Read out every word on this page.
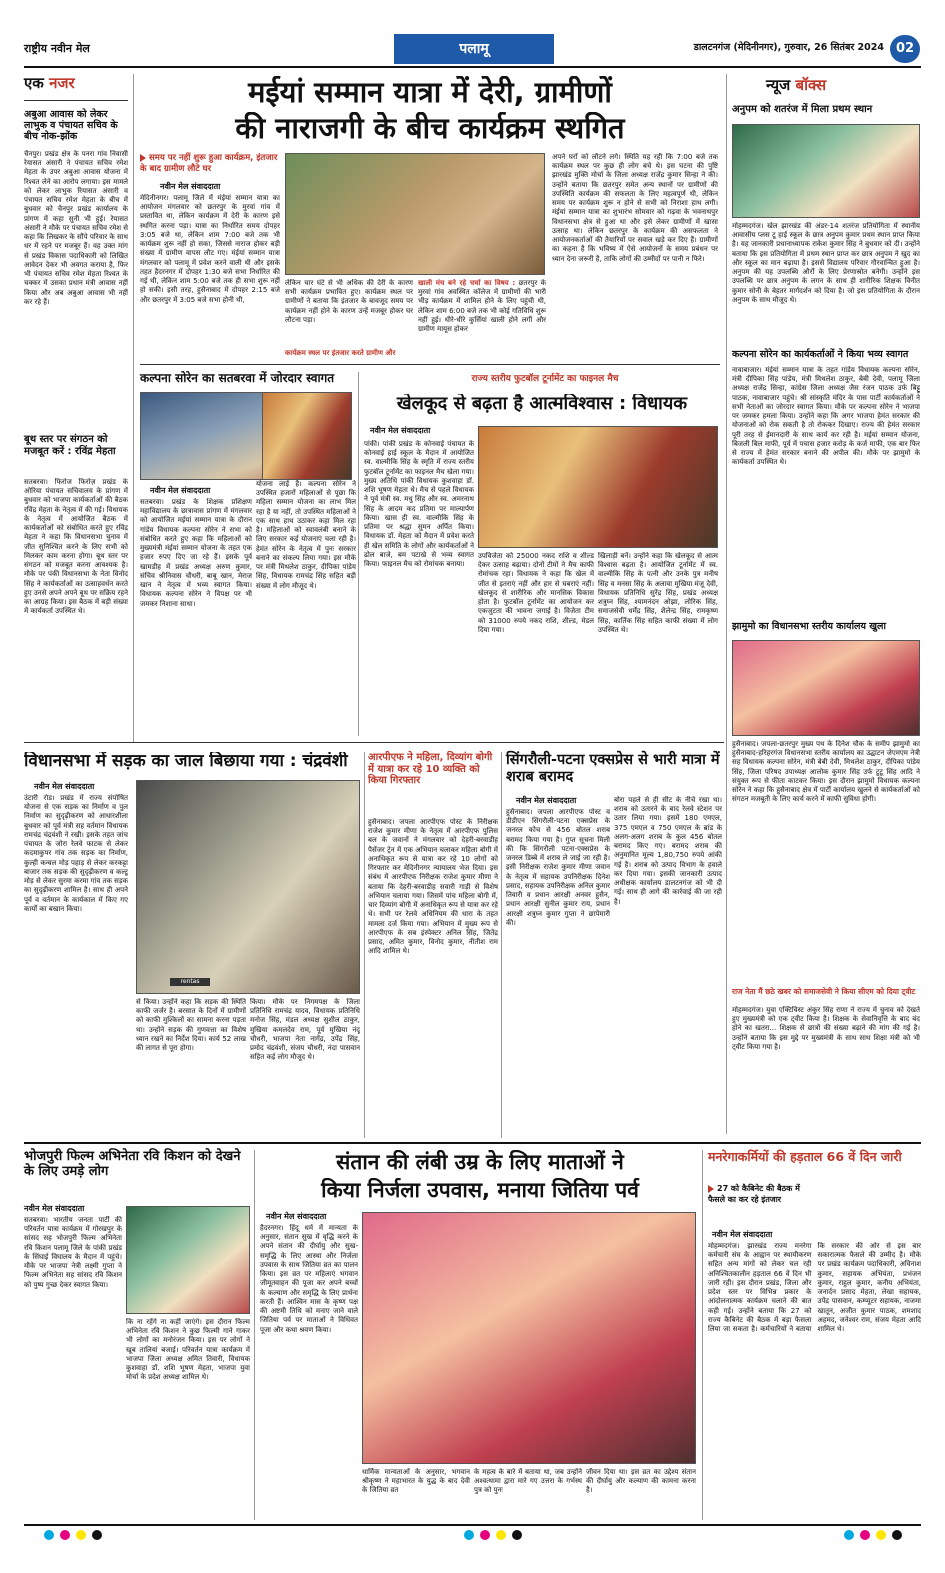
राष्ट्रीय नवीन मेल	पलामू	डालटनगंज (मेदिनीनगर), गुरुवार, 26 सितंबर 2024 02
एक नजर
अबुआ आवास को लेकर लाभुक व पंचायत सचिव के बीच नोक-झोंक
चैनपुर। प्रखंड क्षेत्र के पनरा गांव निवासी रेयासत अंसारी ने पंचायत सचिव रमेश मेहता के उपर अबुआ आवास योजना में रिश्वत लेने का आरोप लगाया। इस मामले को लेकर लाभुक रियासत अंसारी व पंचायत सचिव रमेश मेहता के बीच में बुधवार को चैनपुर प्रखंड कार्यालय के प्रांगण में कहा सुनी भी हुई। रेयासत अंसारी ने मौके पर पंचायत सचिव रमेश से कहा कि लिखकर के सौंपे परिवार के साथ धर में रहने पर मजबूर हैं। वह उक्त मांग से प्रखंड विकास पदाधिकारी को लिखित आवेदन देकर भी अवगत कराया है, फिर भी पंचायत सचिव रमेश मेहता रिश्वत के चक्कर में उसका प्रधान मंत्री आवास नहीं किया और अब अबुआ आवास भी नहीं कर रहे हैं।
बूथ स्तर पर संगठन को मजबूत करें : रविंद्र मेहता
सतबरवा। फिरोज फिरोज़ प्रखंड के ओरिया पंचायत सचिवालय के प्रांगण में बुधवार को भाजपा कार्यकर्ताओं की बैठक रविंद्र मेहता के नेतृत्व में की गई। विधायक के नेतृत्व में आयोजित बैठक में कार्यकर्ताओं को संबोधित करते हुए रविंद्र मेहता ने कहा कि विधानसभा चुनाव में जीत सुनिश्चित करने के लिए सभी को मिलकर काम करना होगा। बूथ स्तर पर संगठन को मजबूत करना आवश्यक है। मौके पर पंकी विधानसभा के नेता विनोद सिंह ने कार्यकर्ताओं का उत्साहवर्धन करते हुए उनसे अपने अपने बूथ पर सक्रिय रहने का आग्रह किया। इस बैठक में बड़ी संख्या में कार्यकर्ता उपस्थित थे।
मईयां सम्मान यात्रा में देरी, ग्रामीणों
की नाराजगी के बीच कार्यक्रम स्थगित
समय पर नहीं शुरू हुआ कार्यक्रम, इंतजार के बाद ग्रामीण लौटे घर
नवीन मेल संवाददाता
मेदिनीनगर। पलामू जिले में मंईयां सम्मान यात्रा का आयोजन मंगलवार को छतरपुर के मुरवां गांव में प्रस्तावित था, लेकिन कार्यक्रम में देरी के कारण इसे स्थगित करना पड़ा। यात्रा का निर्धारित समय दोपहर 3:05 बजे था, लेकिन शाम 7:00 बजे तक भी कार्यक्रम शुरू नहीं हो सका, जिससे नाराज होकर बड़ी संख्या में ग्रामीण वापस लौट गए। मंईयां सम्मान यात्रा मंगलवार को पलामू में प्रवेश करने वाली थी और इसके तहत हैदरनगर में दोपहर 1:30 बजे सभा निर्धारित की गई थी, लेकिन शाम 5:00 बजे तक ही सभा शुरू नहीं हो सकी। इसी तरह, हुसैनाबाद में दोपहर 2:15 बजे और छतरपुर में 3:05 बजे सभा होनी थी,
लेकिन चार घंटे से भी अधिक की देरी के कारण सभी कार्यक्रम प्रभावित हुए। कार्यक्रम स्थल पर ग्रामीणों ने बताया कि इंतजार के बावजूद समय पर कार्यक्रम नहीं होने के कारण उन्हें मजबूर होकर घर लौटना पड़ा।
खाली मंच बने रहे चर्चा का विषय : छतरपुर के मुरवां गांव अवस्थित कॉलेज में ग्रामीणों की भारी भीड़ कार्यक्रम में शामिल होने के लिए पहुंची थी, लेकिन शाम 6:00 बजे तक भी कोई गतिविधि शुरू नहीं हुई। धीरे-धीरे कुर्सियां खाली होने लगीं और ग्रामीण मायूस होकर
कार्यक्रम स्थल पर इंतजार करते ग्रामीण और
अपने घरों को लौटने लगे। स्थिति यह रही कि 7:00 बजे तक कार्यक्रम स्थल पर कुछ ही लोग बचे थे। इस घटना की पुष्टि झारखंड मुक्ति मोर्चा के जिला अध्यक्ष राजेंद्र कुमार सिन्हा ने की। उन्होंने बताया कि छतरपुर समेत अन्य स्थानों पर ग्रामीणों की उपस्थिति कार्यक्रम की सफलता के लिए महत्वपूर्ण थी, लेकिन समय पर कार्यक्रम शुरू न होने से सभी को निराशा हाथ लगी। मंईयां सम्मान यात्रा का शुभारंभ सोमवार को गढ़वा के भवनाथपुर विधानसभा क्षेत्र से हुआ था और इसे लेकर ग्रामीणों में खासा उत्साह था। लेकिन छतरपुर के कार्यक्रम की असफलता ने आयोजनकर्ताओं की तैयारियों पर सवाल खड़े कर दिए हैं। ग्रामीणों का कहना है कि भविष्य में ऐसे आयोजनों के समय प्रबंधन पर ध्यान देना जरूरी है, ताकि लोगों की उम्मीदों पर पानी न फिरे।
न्यूज बॉक्स
अनुपम को शतरंज में मिला प्रथम स्थान
मोहम्मदगंज। खेल झारखंड की अंडर-14 शतरंज प्रतियोगिता में स्थानीय आवासीय प्लस टू हाई स्कूल के छात्र अनुपम कुमार प्रथम स्थान प्राप्त किया है। यह जानकारी प्रधानाध्यापक राकेश कुमार सिंह ने बुधवार को दी। उन्होंने बताया कि इस प्रतियोगिता में प्रथम स्थान प्राप्त कर छात्र अनुपम ने खुद का और स्कूल का मान बढ़ाया है। इससे विद्यालय परिवार गौरवान्वित हुआ है। अनुपम की यह उपलब्धि और्रों के लिए प्रेरणास्रोत बनेगी। उन्होंने इस उपलब्धि पर छात्र अनुपम के लगन के साथ ही शारीरिक शिक्षक विनीत कुमार सोनी के बेहतर मार्गदर्शन को दिया है। जो इस प्रतियोगिता के दौरान अनुपम के साथ मौजूद थे।
कल्पना सोरेन का कार्यकर्ताओं ने किया भव्य स्वागत
नावाबाजार। मंईयां सम्मान यात्रा के तहत गांडेय विधायक कल्पना सोरेन, मंत्री दीपिका सिंह पांडेय, मंत्री मिथलेश ठाकुर, बेबी देवी, पलामू जिला अध्यक्ष राजेंद्र सिन्हा, कांग्रेस जिला अध्यक्ष जैस रंजन पाठक उर्फ बिट्टू पाठक, नावाबाजार पहुंचे। श्री सांस्कृति मंदिर के पास पार्टी कार्यकर्ताओं ने सभी नेताओं का जोरदार स्वागत किया। मौके पर कल्पना सोरेन ने भाजपा पर जमकर हमला किया। उन्होंने कहा कि अगर भाजपा हेमंत सरकार की योजनाओं को रोक सकती है तो रोककर दिखाए। राज्य की हेमंत सरकार पूरी तरह से ईमानदारी के साथ कार्य कर रही है। मईयां सम्मान योजना, बिजली बिल माफी, पूर्व में पचास हजार करोड़ के कर्ज माफी, एक बार फिर से राज्य में हेमंत सरकार बनाने की अपील की। मौके पर झामुमो के कार्यकर्ता उपस्थित थे।
झामुमो का विधानसभा स्तरीय कार्यालय खुला
हुसैनाबाद। जपला-छतरपुर मुख्य पथ के दिनेश चौक के समीप झामुमो का हुसैनाबाद-हरिहरगंज विधानसभा स्तरीय कार्यालय का उद्घाटन जेएमएम नेत्री सह विधायक कल्पना सोरेन, मंत्री बेबी देवी, मिथलेश ठाकुर, दीपिका पांडेय सिंह, जिला परिषद उपाध्यक्ष आलोक कुमार सिंह उर्फ टुटू सिंह आदि ने संयुक्त रूप से फीता काटकर किया। इस दौरान झामुमो विधायक कल्पना सोरेन ने कहा कि हुसैनाबाद क्षेत्र में पार्टी कार्यालय खुलने से कार्यकर्ताओं को संगठन मजबूती के लिए कार्य करने में काफी सुविधा होगी।
राज नेता मैं छठे खबर को समाजसेवी ने किया सीएम को दिया ट्वीट
मोहम्मदगंज। युवा एक्टिविस्ट अंकुर सिंह राणा ने राज्य में चुनाव को देखते हुए मुख्यमंत्री को एक ट्वीट किया है। शिक्षक के सेवानिवृत्ति के बाद बंद होने का खतरा... शिक्षक से छात्रों की संख्या बढ़ाने की मांग की गई है। उन्होंने बताया कि इस मुद्दे पर मुख्यमंत्री के साथ साथ शिक्षा मंत्री को भी ट्वीट किया गया है।
कल्पना सोरेन का सतबरवा में जोरदार स्वागत
नवीन मेल संवाददाता
सतबरवा। प्रखंड के शिक्षक प्रशिक्षण महाविद्यालय के छात्रावास प्रांगण में मंगलवार को आयोजित मईयां सम्मान यात्रा के दौरान गांडेय विधायक कल्पना सोरेन ने सभा को संबोधित करते हुए कहा कि महिलाओं को मुख्यमंत्री मंईयां सम्मान योजना के तहत एक हजार रुपए दिए जा रहे हैं। इसके पूर्व खामडीह में प्रखंड अध्यक्ष अरुण कुमार, संचिव श्रीनिवास चौधरी, बाबू खान, मेराज खान ने नेतृत्व में भव्य स्वागत किया। विधायक कल्पना सोरेन ने विपक्ष पर भी जमकर निशाना साधा।
योजना लाई है। कल्पना सोरेन ने उपस्थित हजारों महिलाओं से पूछा कि महिला सम्मान योजना का लाभ मिल रहा है या नहीं, तो उपस्थित महिलाओं ने एक साथ हाथ उठाकर कहा मिल रहा है। महिलाओं को स्वावलंबी बनाने के लिए सरकार कई योजनाएं चला रही है। हेमंत सोरेन के नेतृत्व में पुनः सरकार बनाने का संकल्प लिया गया। इस मौके पर मंत्री मिथलेश ठाकुर, दीपिका पांडेय सिंह, विधायक रामचंद्र सिंह सहित बड़ी संख्या में लोग मौजूद थे।
राज्य स्तरीय फुटबॉल टूर्नामेंट का फाइनल मैच
खेलकूद से बढ़ता है आत्मविश्वास : विधायक
नवीन मेल संवाददाता
पांकी। पांकी प्रखंड के कोनवाई पंचायत के कोनवाई हाई स्कूल के मैदान में आयोजित स्व. वाल्मीकि सिंह के स्मृति में राज्य स्तरीय फुटबॉल टूर्नामेंट का फाइनल मैच खेला गया। मुख्य अतिथि पांकी विधायक कुशवाहा डॉ. शशि भूषण मेहता थे। मैच से पहले विधायक ने पूर्व मंत्री स्व. मधु सिंह और स्व. अमरनाथ सिंह के आदम कद प्रतिमा पर माल्यार्पण किया। खास ही स्व. वाल्मीकि सिंह के प्रतिमा पर श्रद्धा सुमन अर्पित किया। विधायक डॉ. मेहता को मैदान में प्रवेश करते ही खेल समिति के लोगों और कार्यकर्ताओं ने ढोल बाजे, बम पटाखे से भव्य स्वागत किया। फाइनल मैच को रोमांचक बनाया।
उपविजेता को 25000 नकद राशि व शील्ड देकर उत्साह बढ़ाया। दोनों टीमों ने मैच काफी रोमांचक रहा। विधायक ने कहा कि खेल में जीत से इतराएं नहीं और हार से घबराएं नहीं। खेलकूद से शारीरिक और मानसिक विकास होता है। फुटबॉल टूर्नामेंट का आयोजन कर एकजुटता की भावना जगाई है। विजेता टीम को 31000 रुपये नकद राशि, शील्ड, मेडल दिया गया।
खिलाड़ी बनें। उन्होंने कहा कि खेलकूद से आत्म विश्वास बढ़ता है। आयोजित टूर्नामेंट में स्व. वाल्मीकि सिंह के पत्नी और उनके पुत्र मनीष सिंह व मनसा सिंह के अलावा मुखिया मंजू देवी, विधायक प्रतिनिधि सुरेंद्र सिंह, प्रखंड अध्यक्ष शत्रुघ्न सिंह, श्यामनंदन ओझा, लोरिक सिंह, समाजसेवी धर्मेंद्र सिंह, शैलेन्द्र सिंह, रामकृष्ण सिंह, कार्तिक सिंह सहित काफी संख्या में लोग उपस्थित थे।
विधानसभा में सड़क का जाल बिछाया गया : चंद्रवंशी
नवीन मेल संवाददाता
उंटारी रोड। प्रखंड में राज्य संपोषित योजना से एक सड़क का निर्माण व पुल निर्माण का सुदृढ़ीकरण को आधारशीला बुधवार को पूर्व मंत्री सह वर्तमान विधायक रामचंद्र चंद्रवंशी ने रखी। इसके तहत जांच पंचायत के जोरा रेलवे फाटक से लेकर कदमाकुपर गांव तक सड़क का निर्माण, कुल्ही कन्वल मोड़ पहाड़ से लेकर करकट्टा बाजार तक सड़क की सुदृढ़ीकरण व कल्टू मोड़ से लेकर सुरमा करमा गांव तक सड़क का सुदृढ़ीकरण शामिल है। साथ ही अपने पूर्व व वर्तमान के कार्यकाल में किए गए कार्यों का बखान किया।
rentas
से किया। उन्होंने कहा कि सड़क की स्थिति काफी जर्जर है। बरसात के दिनों में ग्रामीणों को काफी मुश्किलों का सामना करना पड़ता था। उन्होंने सड़क की गुणवत्ता का विशेष ध्यान रखने का निर्देश दिया। कार्य 52 लाख की लागत से पूरा होगा।
किया। मौके पर निगमपक्ष के जिला प्रतिनिधि रामचंद्र यादव, विधायक प्रतिनिधि मनोज सिंह, मंडल अध्यक्ष सुशील ठाकुर, मुखिया कमलदेव राम, पूर्व मुखिया नंदू चौधरी, भाजपा नेता नागेंद्र, उपेंद्र सिंह, प्रमोद चंद्रवंशी, संजय चौधरी, नंदा पासवान सहित कई लोग मौजूद थे।
आरपीएफ ने महिला, दिव्यांग बोगी में यात्रा कर रहे 10 व्यक्ति को किया गिरफ्तार
हुसैनाबाद। जपला आरपीएफ पोस्ट के निरीक्षक राजेश कुमार मीणा के नेतृत्व में आरपीएफ पुलिस बल के जवानों ने मंगलवार को देहरी-बरवाडीह पैसेंजर ट्रेन में एक अभियान चलाकर महिला बोगी में अनाधिकृत रूप से यात्रा कर रहे 10 लोगों को गिरफ्तार कर मेदिनीनगर न्यायालय भेज दिया। इस संबंध में आरपीएफ निरीक्षक राजेश कुमार मीणा ने बताया कि देहरी-बरवाडीह सवारी गाड़ी से विशेष अभियान चलाया गया। जिसमें पांच महिला बोगी में, चार दिव्यांग बोगी में अनाधिकृत रूप से यात्रा कर रहे थे। सभी पर रेलवे अधिनियम की धारा के तहत मामला दर्ज किया गया। अभियान में मुख्य रूप से आरपीएफ के सब इंस्पेक्टर अनिल सिंह, जितेंद्र प्रसाद, अमित कुमार, विनोद कुमार, नीतीश राम आदि शामिल थे।
सिंगरौली-पटना एक्सप्रेस से भारी मात्रा में शराब बरामद
नवीन मेल संवाददाता
हुसैनाबाद। जपला आरपीएफ पोस्ट व डीडीएन सिंगरौली-पटना एक्सप्रेस के जनरल कोच से 456 बोतल शराब बरामद किया गया है। गुप्त सूचना मिली की कि सिंगरौली पटना-एक्सप्रेस के जनरल डिब्बे में शराब ले जाई जा रही है। इसी निरीक्षक राजेश कुमार मीणा जवान के नेतृत्व में सहायक उपनिरीक्षक दिनेश प्रसाद, सहायक उपनिरीक्षक अनिल कुमार तिवारी व प्रधान आरक्षी अनवर हुसैन, प्रधान आरक्षी सुनील कुमार राय, प्रधान आरक्षी शत्रुघ्न कुमार गुप्ता ने छापेमारी की।
बोरा पहले से ही सीट के नीचे रखा था। शराब को उतारने के बाद रेलवे स्टेशन पर उतार लिया गया। इसमें 180 एमएल, 375 एमएल व 750 एमएल के ब्रांड के अलग-अलग शराब के कुल 456 बोतल बरामद किए गए। बरामद शराब की अनुमानित मूल्य 1,80,750 रुपये आंकी गई है। शराब को उत्पाद विभाग के हवाले कर दिया गया। इसकी जानकारी उत्पाद अधीक्षक कार्यालय डालटनगंज को भी दी गई। साथ ही आगे की कार्रवाई की जा रही है।
भोजपुरी फिल्म अभिनेता रवि किशन को देखने के लिए उमड़े लोग
नवीन मेल संवाददाता
सतबरवा। भारतीय जनता पार्टी की परिवर्तन यात्रा कार्यक्रम में गोरखपुर के सांसद सह भोजपुरी फिल्म अभिनेता रवि किशन पलामू जिले के पांकी प्रखंड के सिंघाई विघालय के मैदान में पहुंचे। मौके पर भाजपा नेत्री लक्ष्मी गुप्ता ने फिल्म अभिनेता सह सांसद रवि किशन को पुष्प गुच्छ देकर स्वागत किया।
कि ना रहेंगे ना कहीं जाएंगे। इस दौरान फिल्म अभिनेता रवि किशन ने कुछ फिल्मी गाने गाकर भी लोगों का मनोरंजन किया। इस पर लोगों ने खूब तालियां बजाई। परिवर्तन यात्रा कार्यक्रम में भाजपा जिला अध्यक्ष अमित तिवारी, विधायक कुशवाहा डॉ. शशि भूषण मेहता, भाजपा युवा मोर्चा के प्रदेश अध्यक्ष शामिल थे।
संतान की लंबी उम्र के लिए माताओं ने
किया निर्जला उपवास, मनाया जितिया पर्व
नवीन मेल संवाददाता
हैदरनगर। हिंदू धर्म में मान्यता के अनुसार, संतान सुख में वृद्धि करने के अपने संतान की दीर्घायु और सुख-समृद्धि के लिए आस्था और निर्जला उपवास के साथ जितिया व्रत का पालन किया। इस व्रत पर महिलाएं भगवान जीमूतवाहन की पूजा कर अपने बच्चों के कल्याण और समृद्धि के लिए प्रार्थना करती हैं। आश्विन मास के कृष्ण पक्ष की अष्टमी तिथि को मनाए जाने वाले जितिया पर्व पर माताओं ने विधिवत पूजा और कथा श्रवण किया।
धार्मिक मान्यताओं के अनुसार, भगवान श्रीकृष्ण ने महाभारत के युद्ध के बाद देवी के जितिया व्रत
के महत्व के बारे में बताया था, जब उन्होंने अश्वत्थामा द्वारा मारे गए उत्तरा के गर्भस्थ पुत्र को पुनः
जीवन दिया था। इस व्रत का उद्देश्य संतान की दीर्घायु और कल्याण की कामना करना है।
मनरेगाकर्मियों की हड़ताल 66 वें दिन जारी
27 को कैबिनेट की बैठक में फैसले का कर रहे इंतजार
नवीन मेल संवाददाता
मोहम्मदगंज। झारखंड राज्य मनरेगा कर्मचारी संघ के आह्वान पर स्थायीकरण सहित अन्य मांगों को लेकर चल रही अनिश्चितकालीन हड़ताल 66 वें दिन भी जारी रही। इस दौरान प्रखंड, जिला और प्रदेश स्तर पर विभिन्न प्रकार के आंदोलनात्मक कार्यक्रम चलाने की बात कही गई। उन्होंने बताया कि 27 को राज्य कैबिनेट की बैठक में बड़ा फैसला लिया जा सकता है। कर्मचारियों ने बताया कि सरकार की ओर से इस बार सकारात्मक फैसले की उम्मीद है। मौके पर प्रखंड कार्यक्रम पदाधिकारी, अविनाश कुमार, सहायक अभियंता, प्रभंजन कुमार, राहुल कुमार, कनीय अभियंता, जनार्दन प्रसाद मेहता, लेखा सहायक, उपेंद्र पासवान, कम्प्यूटर सहायक, नाजमा खातून, अजीत कुमार पाठक, शमशाद अहमद, जनेश्वर राम, संजय मेहता आदि शामिल थे।
